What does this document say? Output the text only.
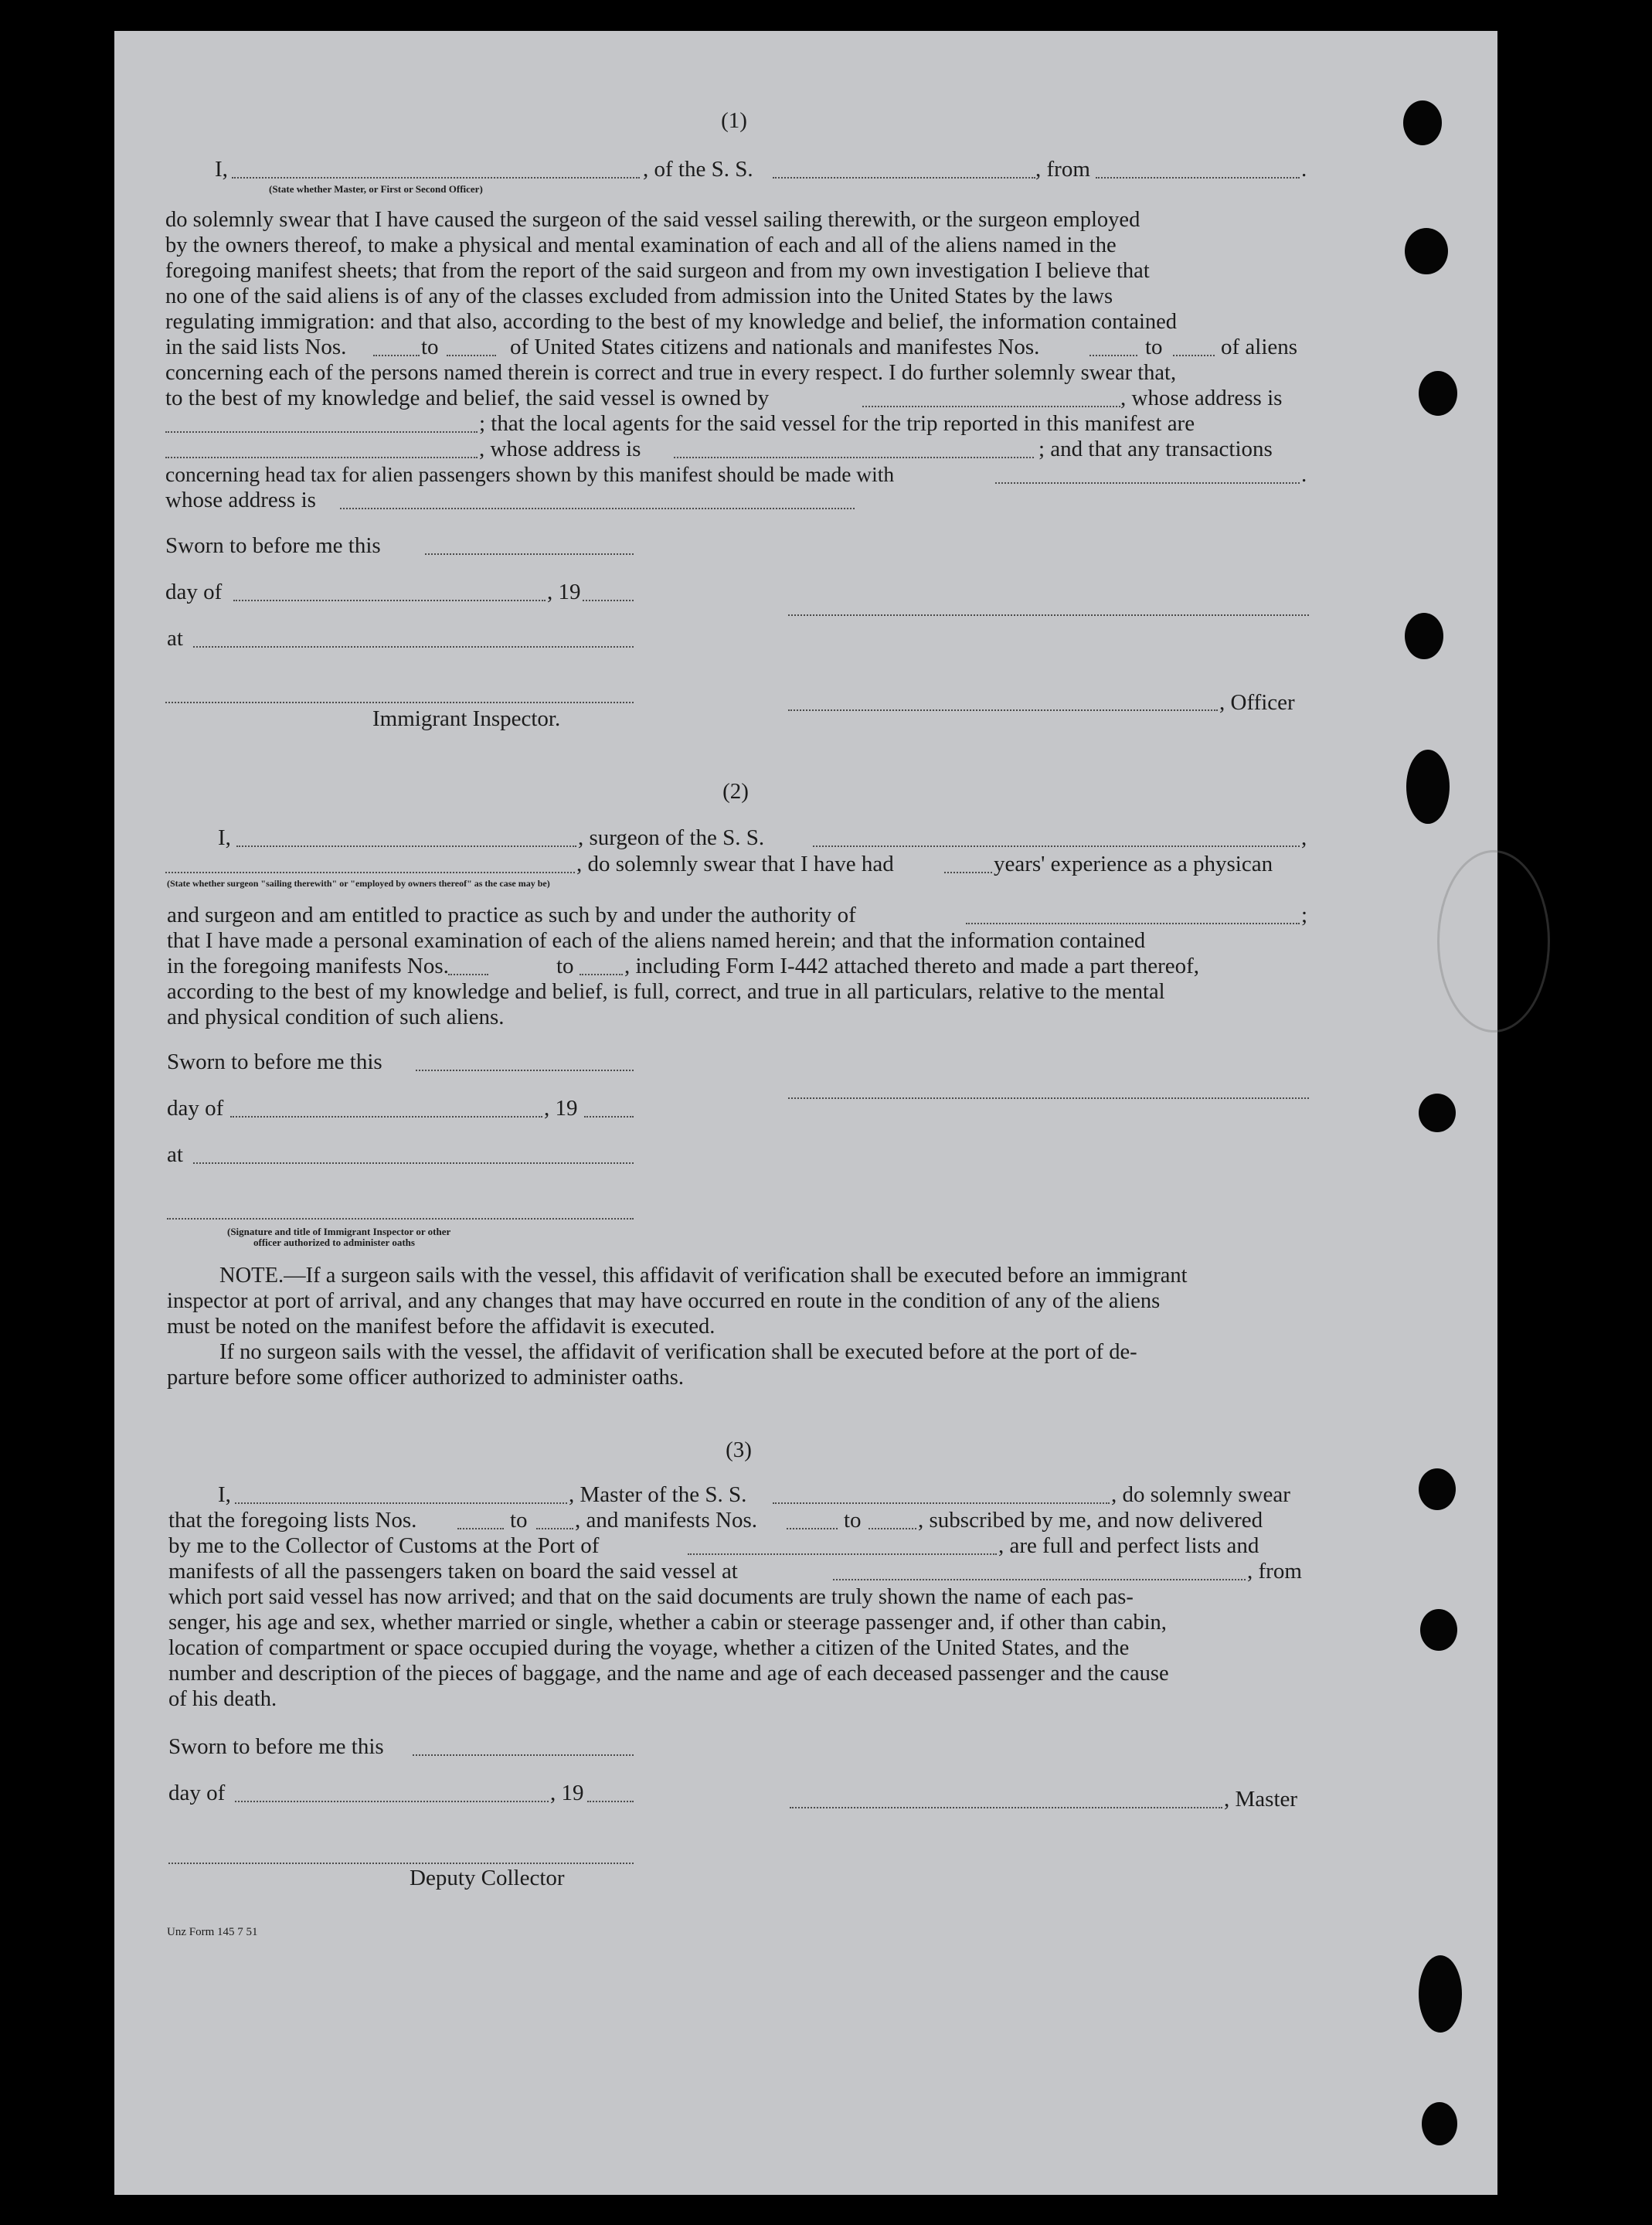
(1)
I,	, of the S. S.	, from	.
(State whether Master, or First or Second Officer)
do solemnly swear that I have caused the surgeon of the said vessel sailing therewith, or the surgeon employed
by the owners thereof, to make a physical and mental examination of each and all of the aliens named in the
foregoing manifest sheets; that from the report of the said surgeon and from my own investigation I believe that
no one of the said aliens is of any of the classes excluded from admission into the United States by the laws
regulating immigration: and that also, according to the best of my knowledge and belief, the information contained
in the said lists Nos.	to	of United States citizens and nationals and manifestes Nos.	to	of aliens
concerning each of the persons named therein is correct and true in every respect. I do further solemnly swear that,
to the best of my knowledge and belief, the said vessel is owned by	, whose address is
; that the local agents for the said vessel for the trip reported in this manifest are
, whose address is	; and that any transactions
concerning head tax for alien passengers shown by this manifest should be made with	.
whose address is
Sworn to before me this
day of	, 19
at
, Officer
Immigrant Inspector.
(2)
I,	, surgeon of the S. S.	,
, do solemnly swear that I have had	years' experience as a physican
(State whether surgeon "sailing therewith" or "employed by owners thereof" as the case may be)
and surgeon and am entitled to practice as such by and under the authority of	;
that I have made a personal examination of each of the aliens named herein; and that the information contained
in the foregoing manifests Nos.	to , including Form I-442 attached thereto and made a part thereof,
according to the best of my knowledge and belief, is full, correct, and true in all particulars, relative to the mental
and physical condition of such aliens.
Sworn to before me this
day of	, 19
at
(Signature and title of Immigrant Inspector or other
officer authorized to administer oaths
NOTE.—If a surgeon sails with the vessel, this affidavit of verification shall be executed before an immigrant
inspector at port of arrival, and any changes that may have occurred en route in the condition of any of the aliens
must be noted on the manifest before the affidavit is executed.
If no surgeon sails with the vessel, the affidavit of verification shall be executed before at the port of de-
parture before some officer authorized to administer oaths.
(3)
I,	, Master of the S. S.	, do solemnly swear
that the foregoing lists Nos.	to , and manifests Nos.	to	, subscribed by me, and now delivered
by me to the Collector of Customs at the Port of	, are full and perfect lists and
manifests of all the passengers taken on board the said vessel at	, from
which port said vessel has now arrived; and that on the said documents are truly shown the name of each pas-
senger, his age and sex, whether married or single, whether a cabin or steerage passenger and, if other than cabin,
location of compartment or space occupied during the voyage, whether a citizen of the United States, and the
number and description of the pieces of baggage, and the name and age of each deceased passenger and the cause
of his death.
Sworn to before me this
day of	, 19	, Master
Deputy Collector
Unz Form 145 7 51
